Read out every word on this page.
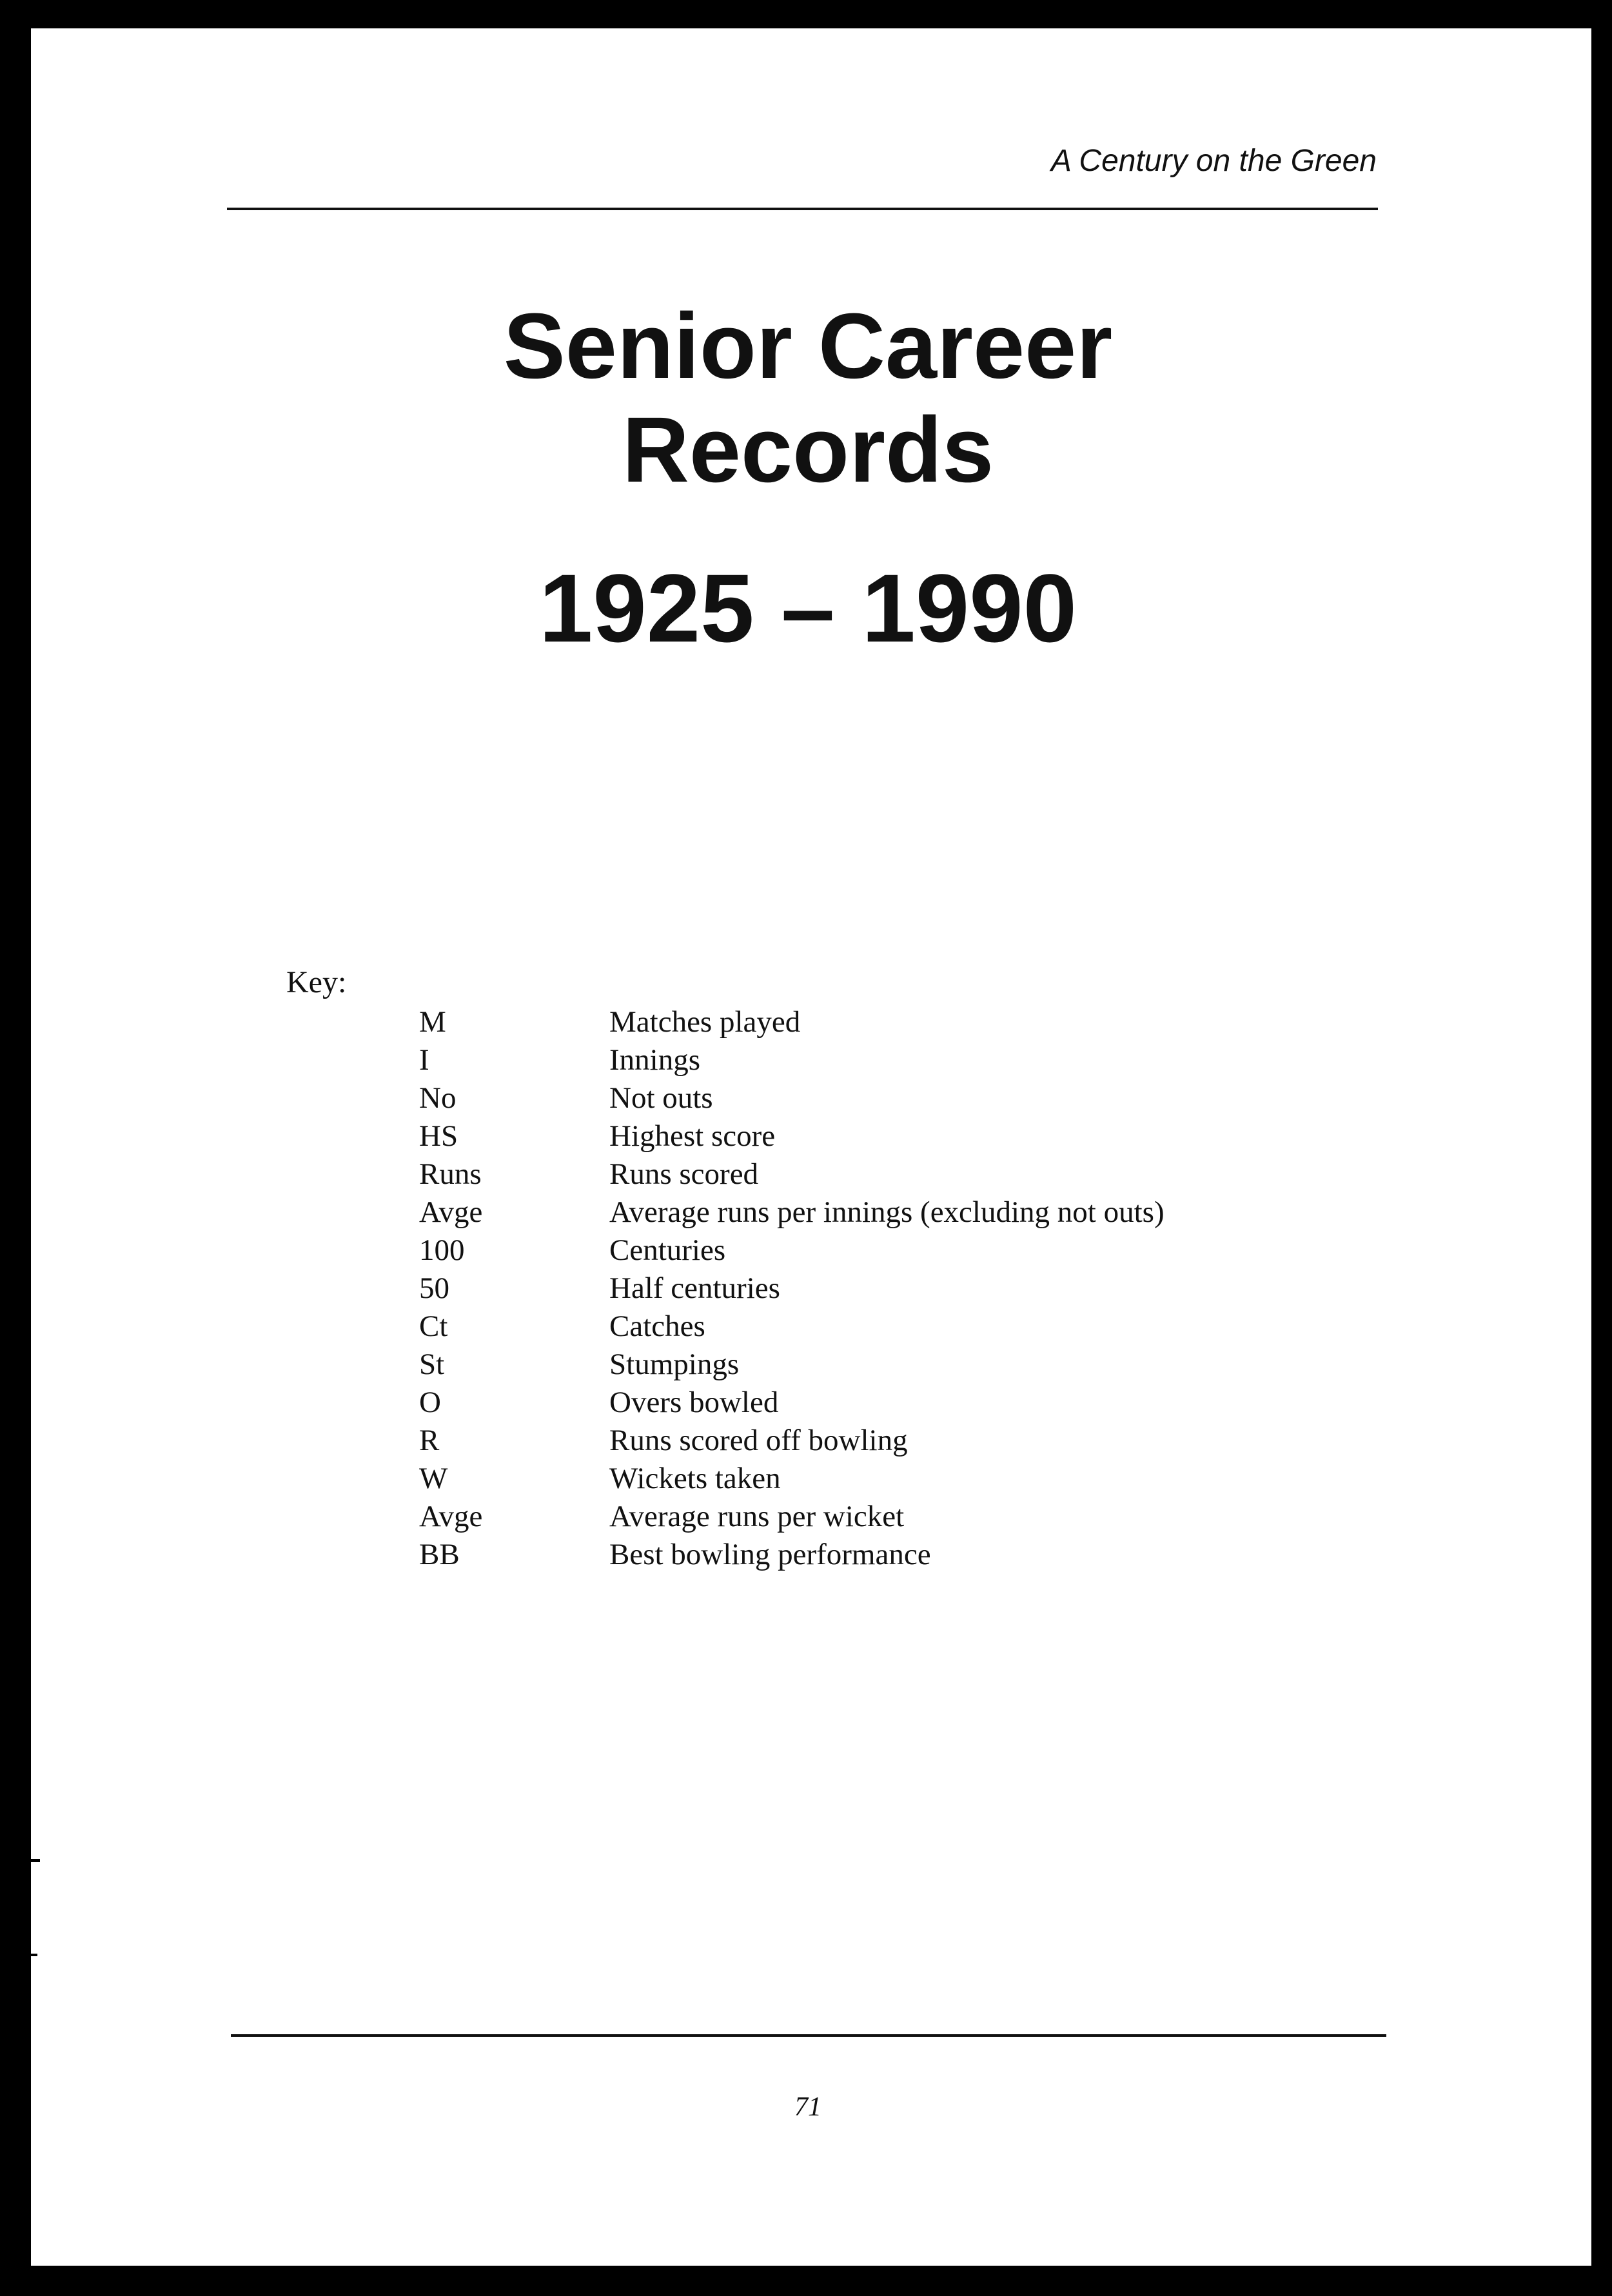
A Century on the Green
Senior Career
Records
1925 – 1990
Key:
M	Matches played
I	Innings
No	Not outs
HS	Highest score
Runs	Runs scored
Avge	Average runs per innings (excluding not outs)
100	Centuries
50	Half centuries
Ct	Catches
St	Stumpings
O	Overs bowled
R	Runs scored off bowling
W	Wickets taken
Avge	Average runs per wicket
BB	Best bowling performance
71
